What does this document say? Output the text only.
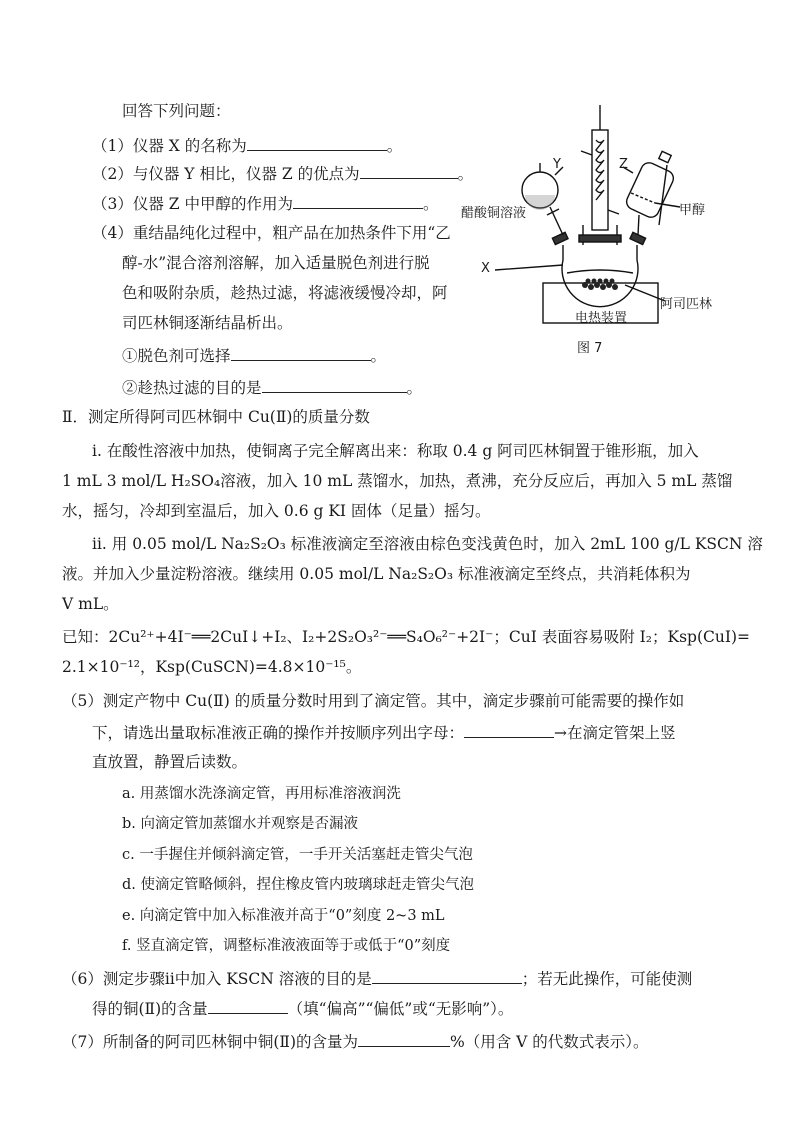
回答下列问题：
（1）仪器 X 的名称为	。
（2）与仪器 Y 相比，仪器 Z 的优点为	。
（3）仪器 Z 中甲醇的作用为	。
（4）重结晶纯化过程中，粗产品在加热条件下用“乙
醇-水”混合溶剂溶解，加入适量脱色剂进行脱
色和吸附杂质，趁热过滤，将滤液缓慢冷却，阿
司匹林铜逐渐结晶析出。
①脱色剂可选择	。
②趁热过滤的目的是	。
Y	Z
醋酸铜溶液	甲醇
X
阿司匹林
电热装置
图 7
Ⅱ．测定所得阿司匹林铜中 Cu(Ⅱ)的质量分数
ⅰ. 在酸性溶液中加热，使铜离子完全解离出来：称取 0.4 g 阿司匹林铜置于锥形瓶，加入
1 mL 3 mol/L H₂SO₄溶液，加入 10 mL 蒸馏水，加热，煮沸，充分反应后，再加入 5 mL 蒸馏
水，摇匀，冷却到室温后，加入 0.6 g KI 固体（足量）摇匀。
ⅱ. 用 0.05 mol/L Na₂S₂O₃ 标准液滴定至溶液由棕色变浅黄色时，加入 2mL 100 g/L KSCN 溶
液。并加入少量淀粉溶液。继续用 0.05 mol/L Na₂S₂O₃ 标准液滴定至终点，共消耗体积为
V mL。
已知：2Cu²⁺+4I⁻══2CuI↓+I₂、I₂+2S₂O₃²⁻══S₄O₆²⁻+2I⁻；CuI 表面容易吸附 I₂；Ksp(CuI)=
2.1×10⁻¹²，Ksp(CuSCN)=4.8×10⁻¹⁵。
（5）测定产物中 Cu(Ⅱ) 的质量分数时用到了滴定管。其中，滴定步骤前可能需要的操作如
下，请选出量取标准液正确的操作并按顺序列出字母：	→在滴定管架上竖
直放置，静置后读数。
a. 用蒸馏水洗涤滴定管，再用标准溶液润洗
b. 向滴定管加蒸馏水并观察是否漏液
c. 一手握住并倾斜滴定管，一手开关活塞赶走管尖气泡
d. 使滴定管略倾斜，捏住橡皮管内玻璃球赶走管尖气泡
e. 向滴定管中加入标准液并高于“0”刻度 2~3 mL
f. 竖直滴定管，调整标准液液面等于或低于“0”刻度
（6）测定步骤ⅱ中加入 KSCN 溶液的目的是	；若无此操作，可能使测
得的铜(Ⅱ)的含量	（填“偏高”“偏低”或“无影响”）。
（7）所制备的阿司匹林铜中铜(Ⅱ)的含量为	%（用含 V 的代数式表示）。
